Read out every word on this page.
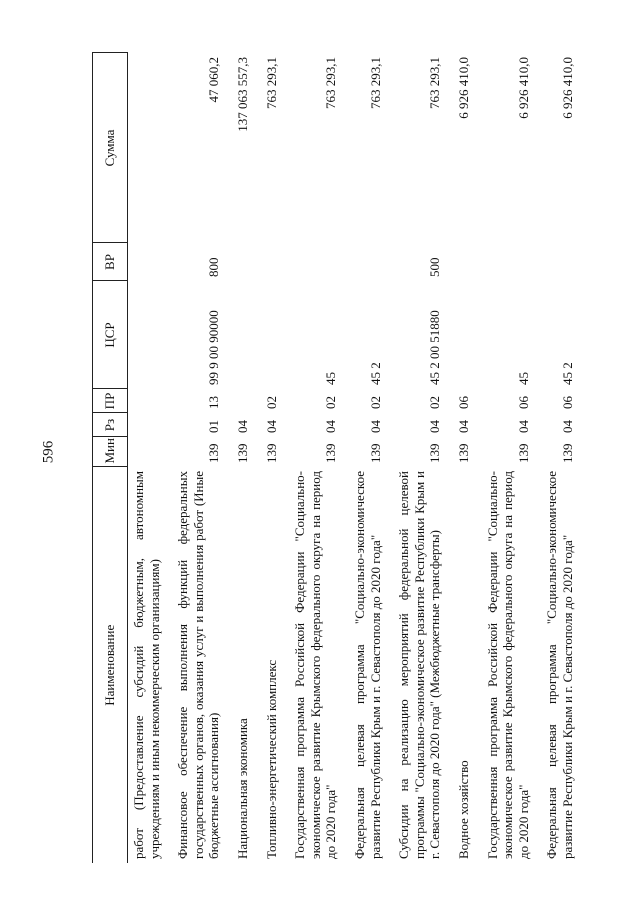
596
Наименование	Мин	Рз	ПР	ЦСР	ВР	Сумма
работ (Предоставление субсидий бюджетным, автономным учреждениям и иным некоммерческим организациям)						

Финансовое обеспечение выполнения функций федеральных государственных органов, оказания услуг и выполнения работ (Иные бюджетные ассигнования)	139	01	13	99 9 00 90000	800	47 060,2

Национальная экономика	139	04				137 063 557,3

Топливно-энергетический комплекс	139	04	02			763 293,1

Государственная программа Российской Федерации "Социально-экономическое развитие Крымского федерального округа на период до 2020 года"	139	04	02	45		763 293,1

Федеральная целевая программа "Социально-экономическое развитие Республики Крым и г. Севастополя до 2020 года"	139	04	02	45 2		763 293,1

Субсидии на реализацию мероприятий федеральной целевой программы "Социально-экономическое развитие Республики Крым и г. Севастополя до 2020 года" (Межбюджетные трансферты)	139	04	02	45 2 00 51880	500	763 293,1

Водное хозяйство	139	04	06			6 926 410,0

Государственная программа Российской Федерации "Социально-экономическое развитие Крымского федерального округа на период до 2020 года"	139	04	06	45		6 926 410,0

Федеральная целевая программа "Социально-экономическое развитие Республики Крым и г. Севастополя до 2020 года"	139	04	06	45 2		6 926 410,0
